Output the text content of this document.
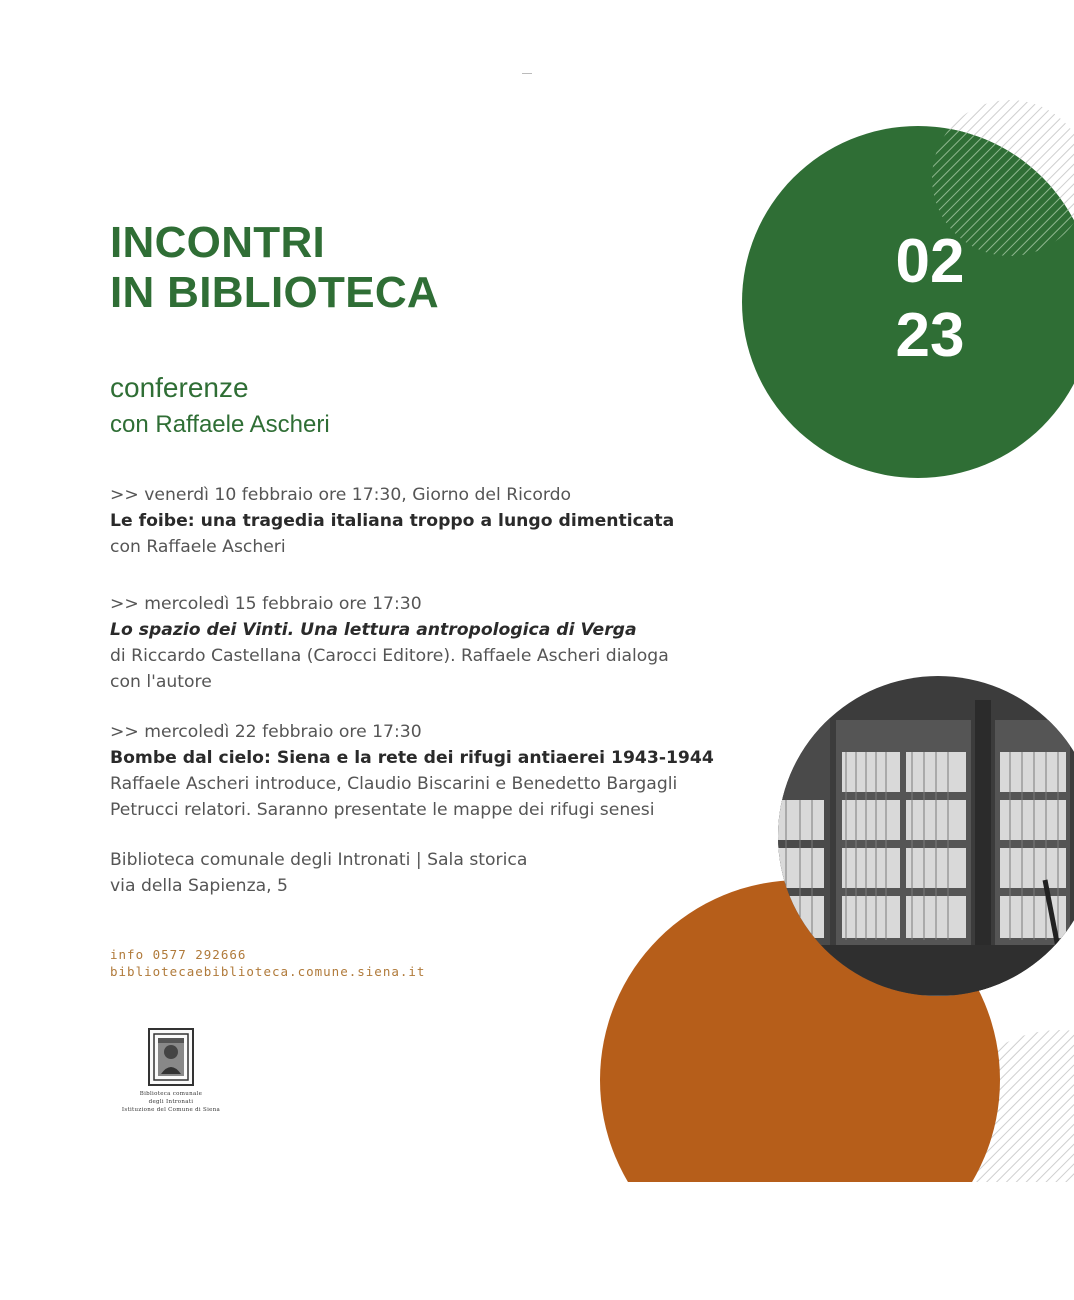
INCONTRI
IN BIBLIOTECA
conferenze
con Raffaele Ascheri
>> venerdì 10 febbraio ore 17:30, Giorno del Ricordo
Le foibe: una tragedia italiana troppo a lungo dimenticata
con Raffaele Ascheri
>> mercoledì 15 febbraio ore 17:30
Lo spazio dei Vinti. Una lettura antropologica di Verga
di Riccardo Castellana (Carocci Editore). Raffaele Ascheri dialoga
con l'autore
>> mercoledì 22 febbraio ore 17:30
Bombe dal cielo: Siena e la rete dei rifugi antiaerei 1943-1944
Raffaele Ascheri introduce, Claudio Biscarini e Benedetto Bargagli
Petrucci relatori. Saranno presentate le mappe dei rifugi senesi
Biblioteca comunale degli Intronati | Sala storica
via della Sapienza, 5
info 0577 292666
bibliotecaebiblioteca.comune.siena.it
Biblioteca comunale
degli Intronati
Istituzione del Comune di Siena
02
23
